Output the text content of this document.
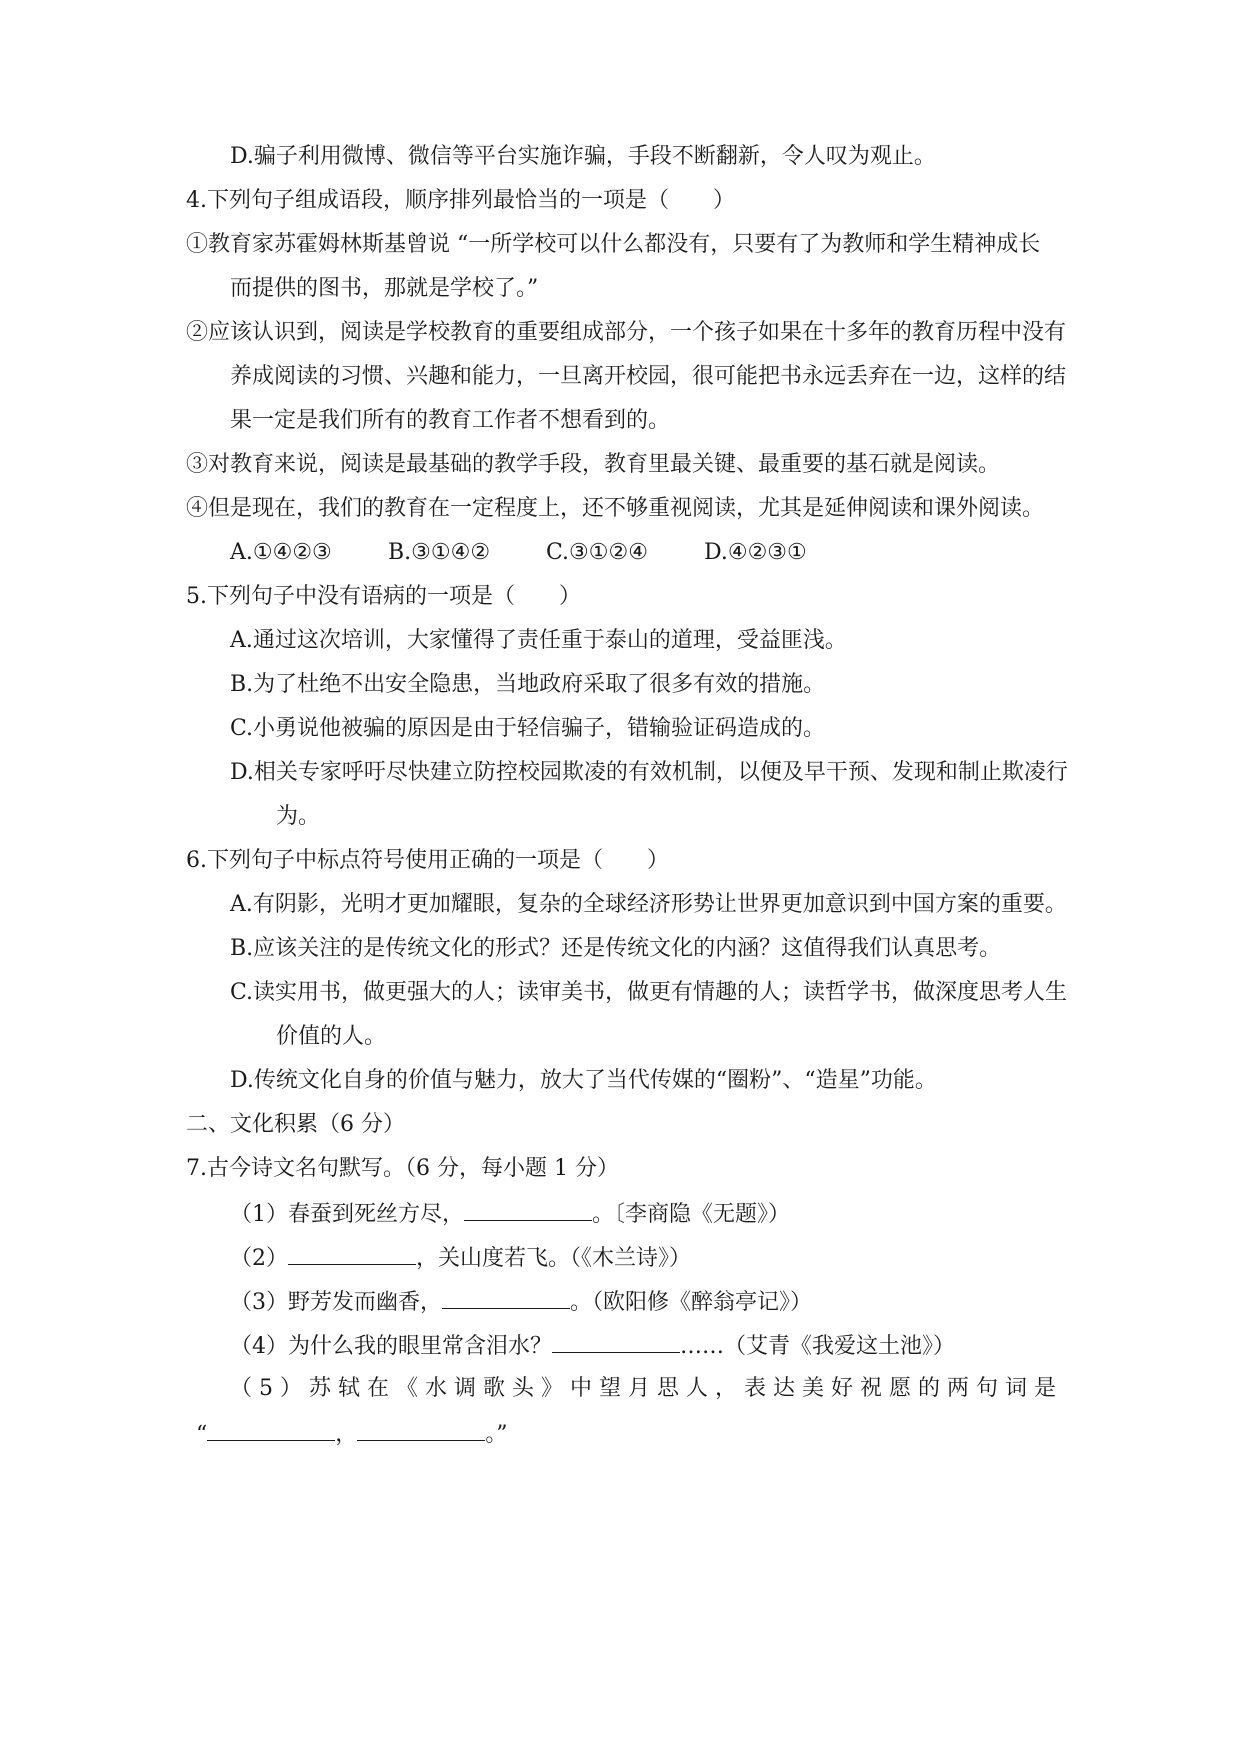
D.骗子利用微博、微信等平台实施诈骗，手段不断翻新，令人叹为观止。
4.下列句子组成语段，顺序排列最恰当的一项是（　　）
①教育家苏霍姆林斯基曾说 “一所学校可以什么都没有，只要有了为教师和学生精神成长
而提供的图书，那就是学校了。”
②应该认识到，阅读是学校教育的重要组成部分，一个孩子如果在十多年的教育历程中没有
养成阅读的习惯、兴趣和能力，一旦离开校园，很可能把书永远丢弃在一边，这样的结
果一定是我们所有的教育工作者不想看到的。
③对教育来说，阅读是最基础的教学手段，教育里最关键、最重要的基石就是阅读。
④但是现在，我们的教育在一定程度上，还不够重视阅读，尤其是延伸阅读和课外阅读。
A.①④②③	B.③①④②	C.③①②④	D.④②③①
5.下列句子中没有语病的一项是（　　）
A.通过这次培训，大家懂得了责任重于泰山的道理，受益匪浅。
B.为了杜绝不出安全隐患，当地政府采取了很多有效的措施。
C.小勇说他被骗的原因是由于轻信骗子，错输验证码造成的。
D.相关专家呼吁尽快建立防控校园欺凌的有效机制，以便及早干预、发现和制止欺凌行
为。
6.下列句子中标点符号使用正确的一项是（　　）
A.有阴影，光明才更加耀眼，复杂的全球经济形势让世界更加意识到中国方案的重要。
B.应该关注的是传统文化的形式？还是传统文化的内涵？这值得我们认真思考。
C.读实用书，做更强大的人；读审美书，做更有情趣的人；读哲学书，做深度思考人生
价值的人。
D.传统文化自身的价值与魅力，放大了当代传媒的“圈粉”、“造星”功能。
二、文化积累（6 分）
7.古今诗文名句默写。（6 分，每小题 1 分）
（1）春蚕到死丝方尽，	。〔李商隐《无题》）
（2）	，关山度若飞。（《木兰诗》）
（3）野芳发而幽香，	。（欧阳修《醉翁亭记》）
（4）为什么我的眼里常含泪水？	……（艾青《我爱这土池》）
（ 5 ） 苏 轼 在 《 水 调 歌 头 》 中 望 月 思 人 ， 表 达 美 好 祝 愿 的 两 句 词 是
“	，	。”
